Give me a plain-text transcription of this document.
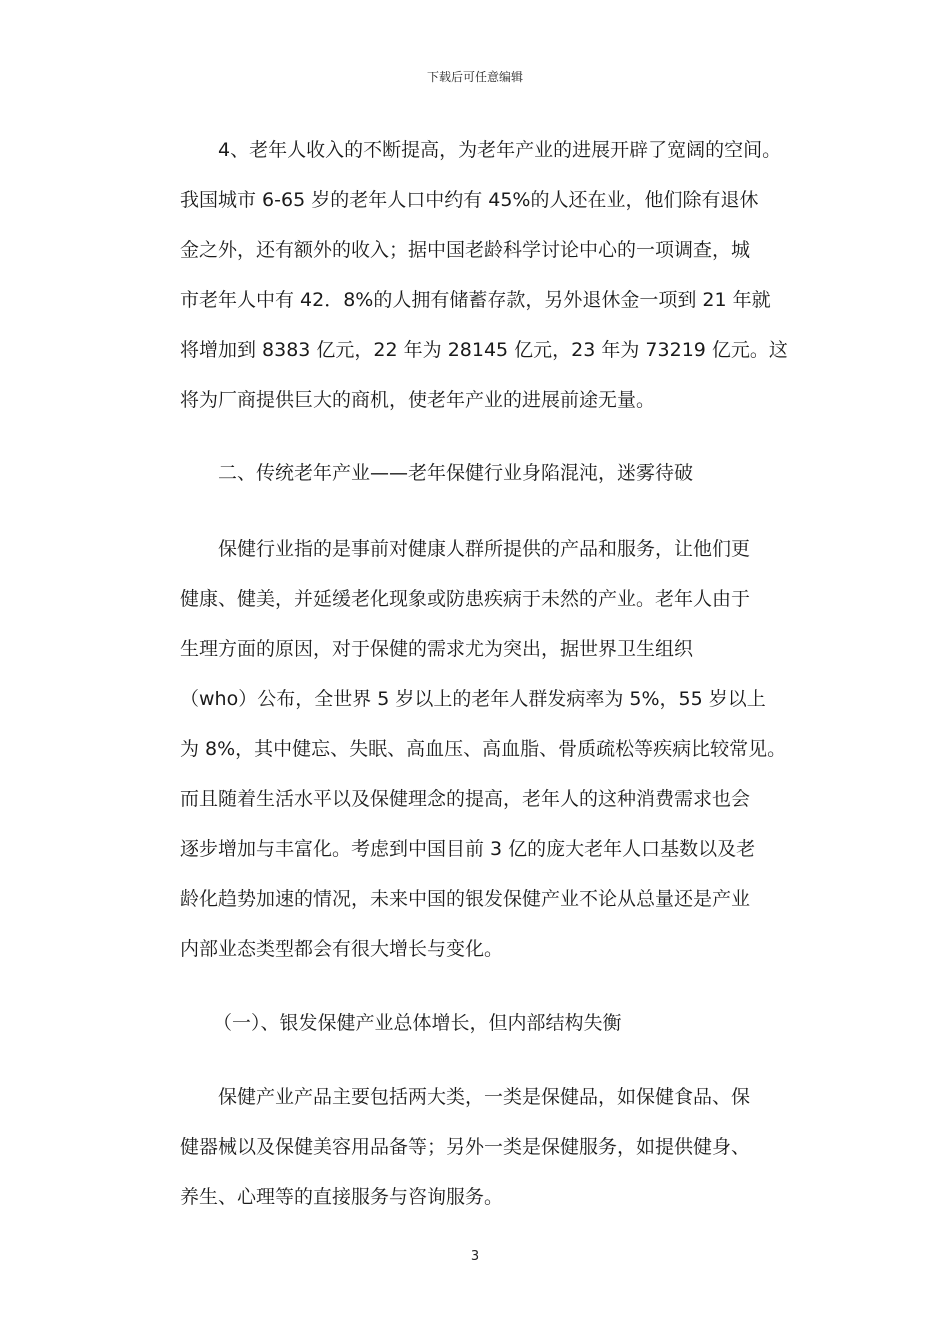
下载后可任意编辑
4、老年人收入的不断提高，为老年产业的进展开辟了宽阔的空间。
我国城市 6-65 岁的老年人口中约有 45%的人还在业，他们除有退休
金之外，还有额外的收入；据中国老龄科学讨论中心的一项调查，城
市老年人中有 42．8%的人拥有储蓄存款，另外退休金一项到 21 年就
将增加到 8383 亿元，22 年为 28145 亿元，23 年为 73219 亿元。这
将为厂商提供巨大的商机，使老年产业的进展前途无量。
二、传统老年产业——老年保健行业身陷混沌，迷雾待破
保健行业指的是事前对健康人群所提供的产品和服务，让他们更
健康、健美，并延缓老化现象或防患疾病于未然的产业。老年人由于
生理方面的原因，对于保健的需求尤为突出，据世界卫生组织
（who）公布，全世界 5 岁以上的老年人群发病率为 5%，55 岁以上
为 8%，其中健忘、失眠、高血压、高血脂、骨质疏松等疾病比较常见。
而且随着生活水平以及保健理念的提高，老年人的这种消费需求也会
逐步增加与丰富化。考虑到中国目前 3 亿的庞大老年人口基数以及老
龄化趋势加速的情况，未来中国的银发保健产业不论从总量还是产业
内部业态类型都会有很大增长与变化。
（一）、银发保健产业总体增长，但内部结构失衡
保健产业产品主要包括两大类，一类是保健品，如保健食品、保
健器械以及保健美容用品备等；另外一类是保健服务，如提供健身、
养生、心理等的直接服务与咨询服务。
3
